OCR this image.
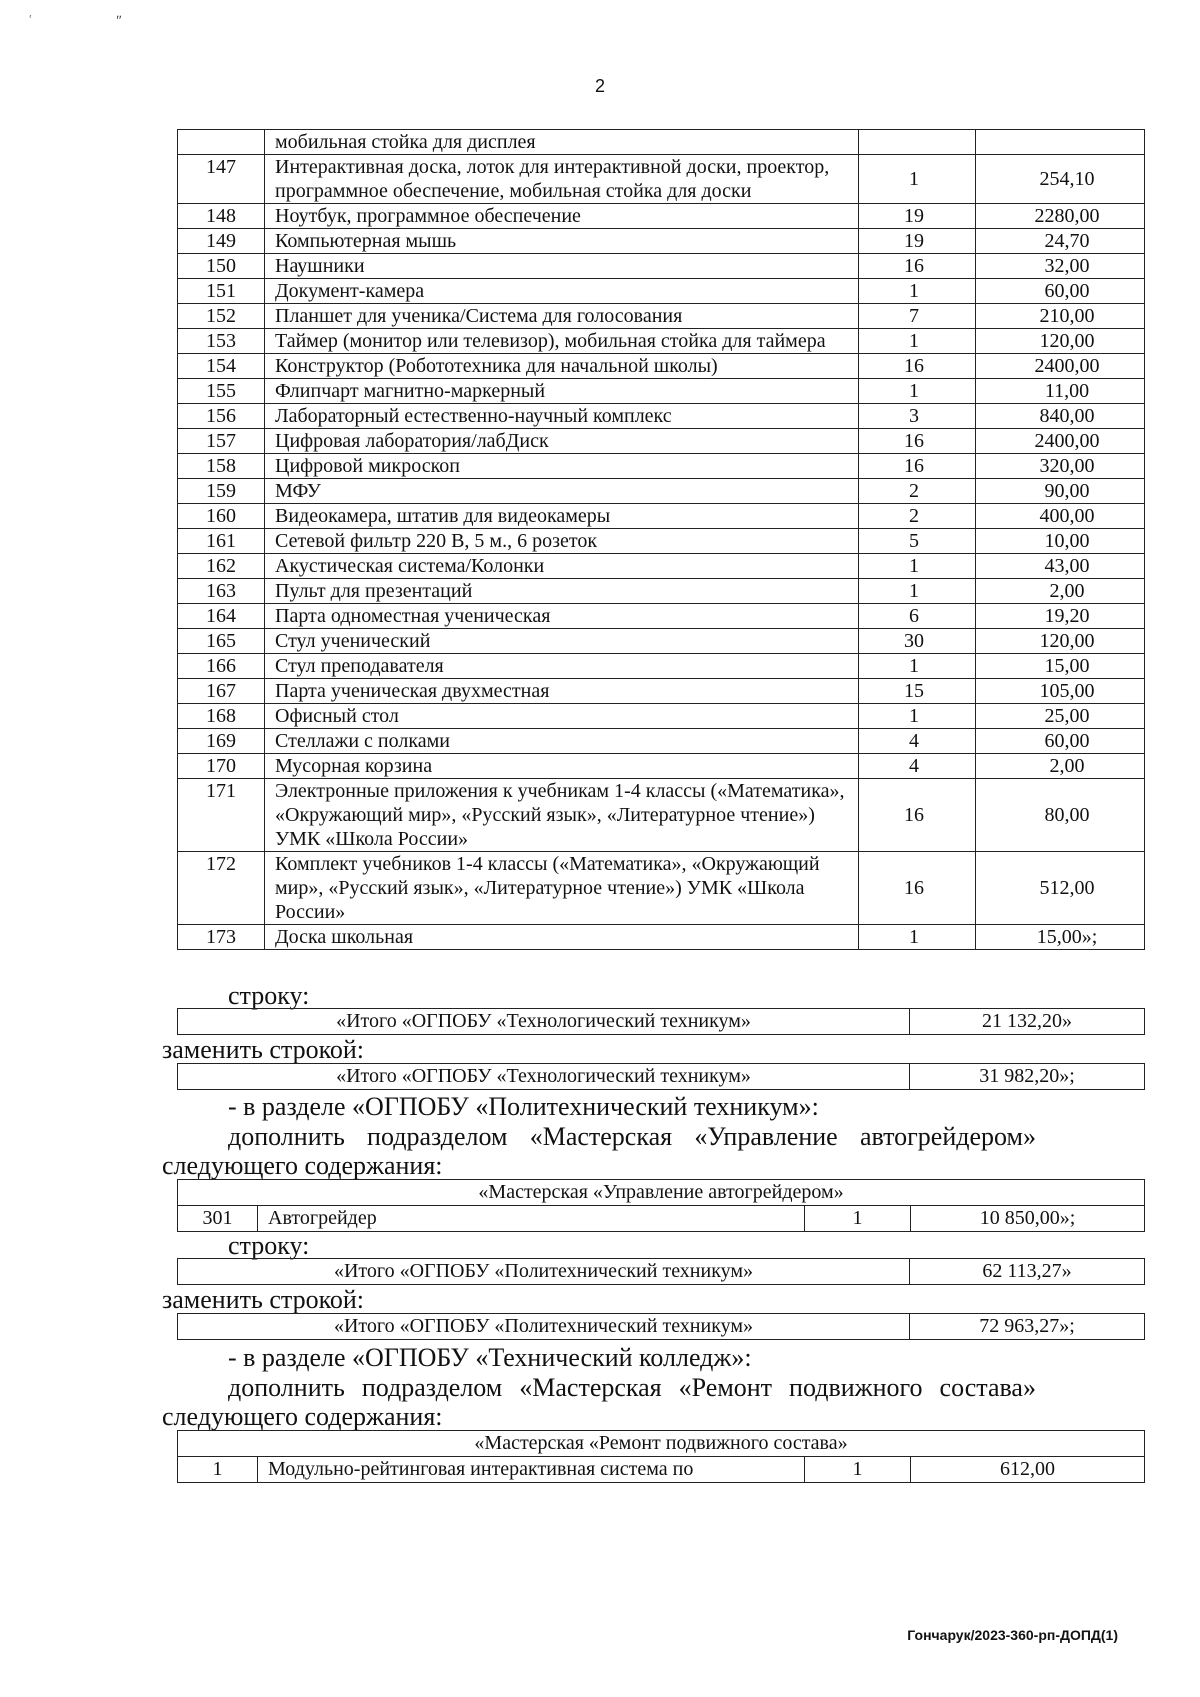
ʿ ʺ
2
	мобильная стойка для дисплея		
147	Интерактивная доска, лоток для интерактивной доски, проектор, программное обеспечение, мобильная стойка для доски	1	254,10
148	Ноутбук, программное обеспечение	19	2280,00
149	Компьютерная мышь	19	24,70
150	Наушники	16	32,00
151	Документ-камера	1	60,00
152	Планшет для ученика/Система для голосования	7	210,00
153	Таймер (монитор или телевизор), мобильная стойка для таймера	1	120,00
154	Конструктор (Робототехника для начальной школы)	16	2400,00
155	Флипчарт магнитно-маркерный	1	11,00
156	Лабораторный естественно-научный комплекс	3	840,00
157	Цифровая лаборатория/лабДиск	16	2400,00
158	Цифровой микроскоп	16	320,00
159	МФУ	2	90,00
160	Видеокамера, штатив для видеокамеры	2	400,00
161	Сетевой фильтр 220 В, 5 м., 6 розеток	5	10,00
162	Акустическая система/Колонки	1	43,00
163	Пульт для презентаций	1	2,00
164	Парта одноместная ученическая	6	19,20
165	Стул ученический	30	120,00
166	Стул преподавателя	1	15,00
167	Парта ученическая двухместная	15	105,00
168	Офисный стол	1	25,00
169	Стеллажи с полками	4	60,00
170	Мусорная корзина	4	2,00
171	Электронные приложения к учебникам 1-4 классы («Математика», «Окружающий мир», «Русский язык», «Литературное чтение») УМК «Школа России»	16	80,00
172	Комплект учебников 1-4 классы («Математика», «Окружающий мир», «Русский язык», «Литературное чтение») УМК «Школа России»	16	512,00
173	Доска школьная	1	15,00»;
строку:
«Итого «ОГПОБУ «Технологический техникум»	21 132,20»
заменить строкой:
«Итого «ОГПОБУ «Технологический техникум»	31 982,20»;
- в разделе «ОГПОБУ «Политехнический техникум»:
дополнить подразделом «Мастерская «Управление автогрейдером»
следующего содержания:
«Мастерская «Управление автогрейдером»
301	Автогрейдер	1	10 850,00»;
строку:
«Итого «ОГПОБУ «Политехнический техникум»	62 113,27»
заменить строкой:
«Итого «ОГПОБУ «Политехнический техникум»	72 963,27»;
- в разделе «ОГПОБУ «Технический колледж»:
дополнить подразделом «Мастерская «Ремонт подвижного состава»
следующего содержания:
«Мастерская «Ремонт подвижного состава»
1	Модульно-рейтинговая интерактивная система по	1	612,00
Гончарук/2023-360-рп-ДОПД(1)
